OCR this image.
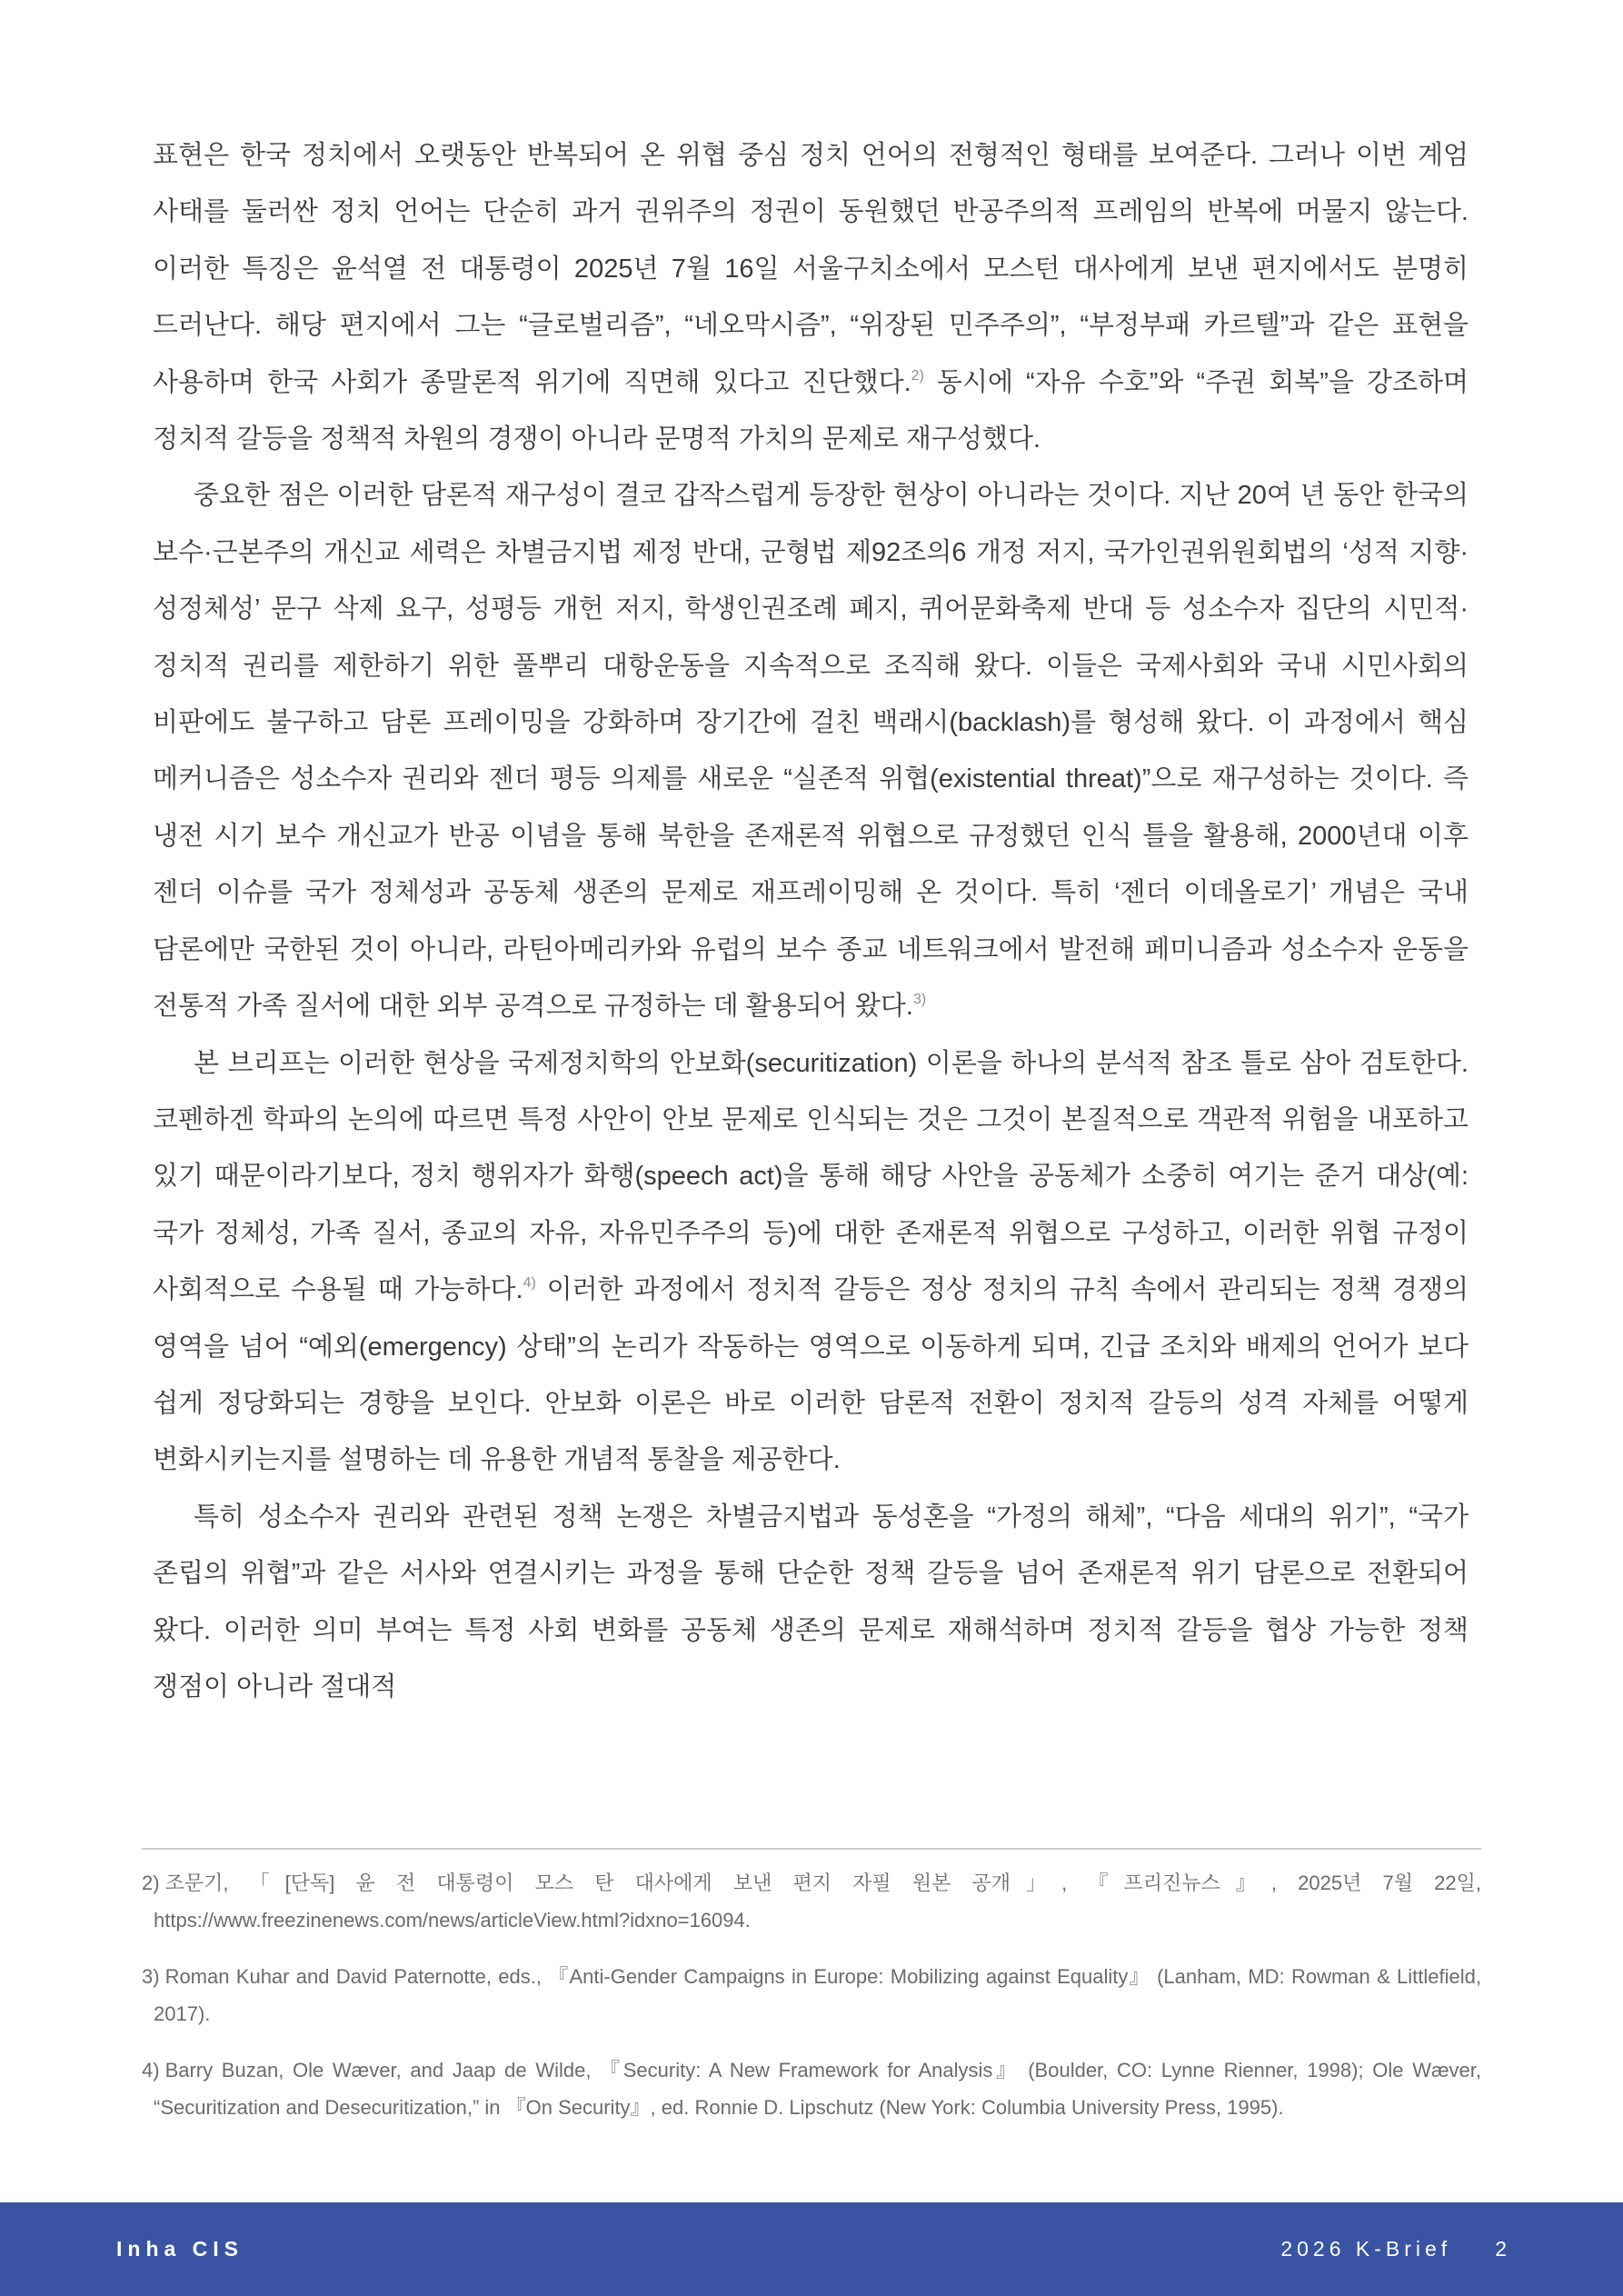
표현은 한국 정치에서 오랫동안 반복되어 온 위협 중심 정치 언어의 전형적인 형태를 보여준다. 그러나 이번 계엄 사태를 둘러싼 정치 언어는 단순히 과거 권위주의 정권이 동원했던 반공주의적 프레임의 반복에 머물지 않는다. 이러한 특징은 윤석열 전 대통령이 2025년 7월 16일 서울구치소에서 모스턴 대사에게 보낸 편지에서도 분명히 드러난다. 해당 편지에서 그는 “글로벌리즘”, “네오막시즘”, “위장된 민주주의”, “부정부패 카르텔”과 같은 표현을 사용하며 한국 사회가 종말론적 위기에 직면해 있다고 진단했다.$^{2)}$ 동시에 “자유 수호”와 “주권 회복”을 강조하며 정치적 갈등을 정책적 차원의 경쟁이 아니라 문명적 가치의 문제로 재구성했다.

중요한 점은 이러한 담론적 재구성이 결코 갑작스럽게 등장한 현상이 아니라는 것이다. 지난 20여 년 동안 한국의 보수·근본주의 개신교 세력은 차별금지법 제정 반대, 군형법 제92조의6 개정 저지, 국가인권위원회법의 ‘성적 지향·성정체성’ 문구 삭제 요구, 성평등 개헌 저지, 학생인권조례 폐지, 퀴어문화축제 반대 등 성소수자 집단의 시민적·정치적 권리를 제한하기 위한 풀뿌리 대항운동을 지속적으로 조직해 왔다. 이들은 국제사회와 국내 시민사회의 비판에도 불구하고 담론 프레이밍을 강화하며 장기간에 걸친 백래시(backlash)를 형성해 왔다. 이 과정에서 핵심 메커니즘은 성소수자 권리와 젠더 평등 의제를 새로운 “실존적 위협(existential threat)”으로 재구성하는 것이다. 즉 냉전 시기 보수 개신교가 반공 이념을 통해 북한을 존재론적 위협으로 규정했던 인식 틀을 활용해, 2000년대 이후 젠더 이슈를 국가 정체성과 공동체 생존의 문제로 재프레이밍해 온 것이다. 특히 ‘젠더 이데올로기’ 개념은 국내 담론에만 국한된 것이 아니라, 라틴아메리카와 유럽의 보수 종교 네트워크에서 발전해 페미니즘과 성소수자 운동을 전통적 가족 질서에 대한 외부 공격으로 규정하는 데 활용되어 왔다.$^{3)}$

본 브리프는 이러한 현상을 국제정치학의 안보화(securitization) 이론을 하나의 분석적 참조 틀로 삼아 검토한다. 코펜하겐 학파의 논의에 따르면 특정 사안이 안보 문제로 인식되는 것은 그것이 본질적으로 객관적 위험을 내포하고 있기 때문이라기보다, 정치 행위자가 화행(speech act)을 통해 해당 사안을 공동체가 소중히 여기는 준거 대상(예: 국가 정체성, 가족 질서, 종교의 자유, 자유민주주의 등)에 대한 존재론적 위협으로 구성하고, 이러한 위협 규정이 사회적으로 수용될 때 가능하다.$^{4)}$ 이러한 과정에서 정치적 갈등은 정상 정치의 규칙 속에서 관리되는 정책 경쟁의 영역을 넘어 “예외(emergency) 상태”의 논리가 작동하는 영역으로 이동하게 되며, 긴급 조치와 배제의 언어가 보다 쉽게 정당화되는 경향을 보인다. 안보화 이론은 바로 이러한 담론적 전환이 정치적 갈등의 성격 자체를 어떻게 변화시키는지를 설명하는 데 유용한 개념적 통찰을 제공한다.

특히 성소수자 권리와 관련된 정책 논쟁은 차별금지법과 동성혼을 “가정의 해체”, “다음 세대의 위기”, “국가 존립의 위협”과 같은 서사와 연결시키는 과정을 통해 단순한 정책 갈등을 넘어 존재론적 위기 담론으로 전환되어 왔다. 이러한 의미 부여는 특정 사회 변화를 공동체 생존의 문제로 재해석하며 정치적 갈등을 협상 가능한 정책 쟁점이 아니라 절대적

2) 조문기, 「[단독] 윤 전 대통령이 모스 탄 대사에게 보낸 편지 자필 원본 공개」, 『프리진뉴스』, 2025년 7월 22일, https://www.freezinenews.com/news/articleView.html?idxno=16094.

3) Roman Kuhar and David Paternotte, eds., 『Anti-Gender Campaigns in Europe: Mobilizing against Equality』 (Lanham, MD: Rowman & Littlefield, 2017).

4) Barry Buzan, Ole Wæver, and Jaap de Wilde, 『Security: A New Framework for Analysis』 (Boulder, CO: Lynne Rienner, 1998); Ole Wæver, “Securitization and Desecuritization,” in 『On Security』, ed. Ronnie D. Lipschutz (New York: Columbia University Press, 1995).

Inha CIS	2026 K-Brief 2
